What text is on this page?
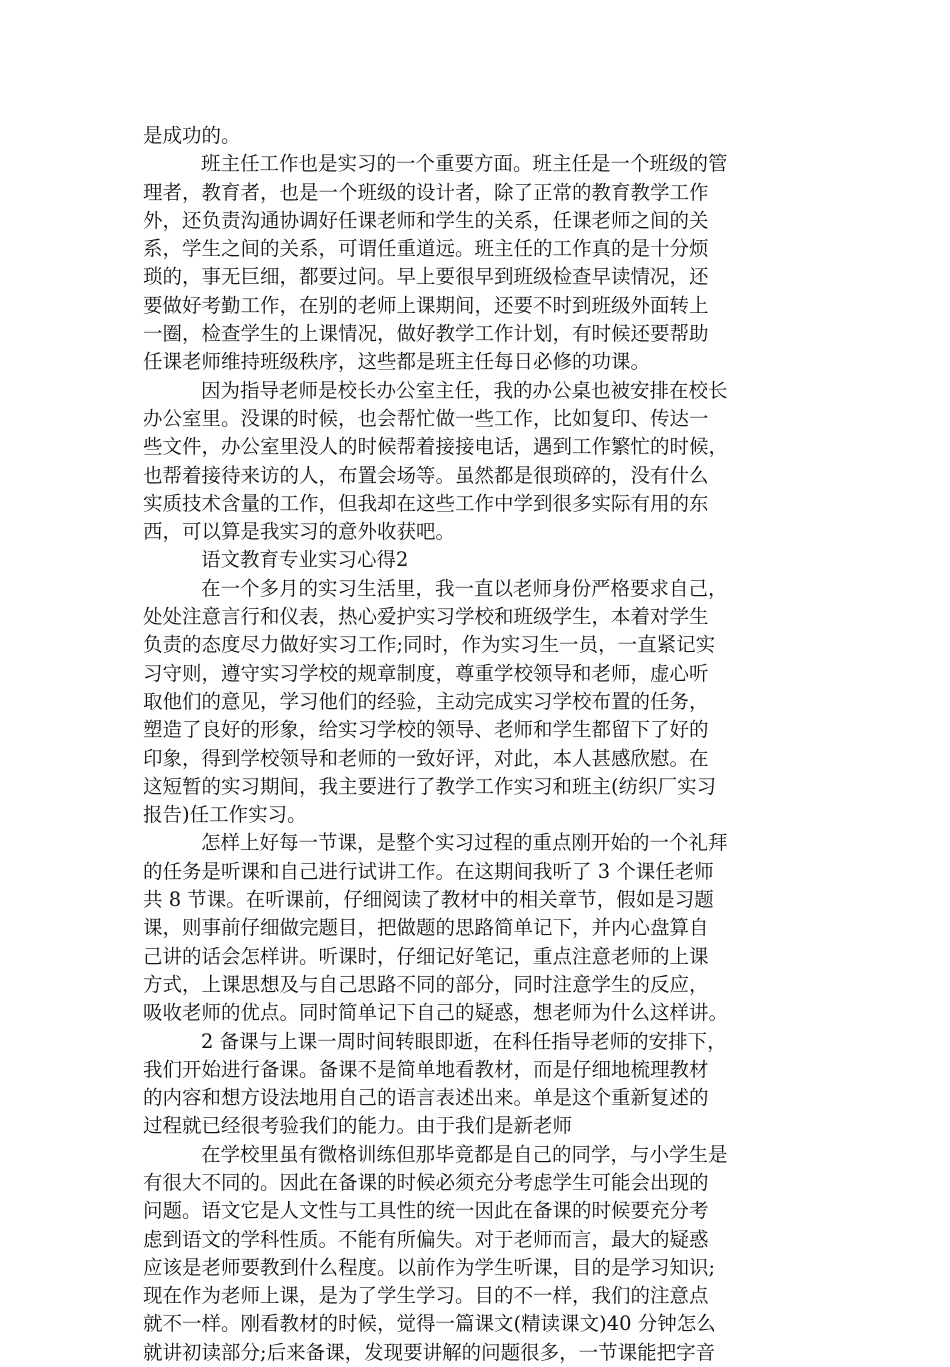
是成功的。
班主任工作也是实习的一个重要方面。班主任是一个班级的管
理者，教育者，也是一个班级的设计者，除了正常的教育教学工作
外，还负责沟通协调好任课老师和学生的关系，任课老师之间的关
系，学生之间的关系，可谓任重道远。班主任的工作真的是十分烦
琐的，事无巨细，都要过问。早上要很早到班级检查早读情况，还
要做好考勤工作，在别的老师上课期间，还要不时到班级外面转上
一圈，检查学生的上课情况，做好教学工作计划，有时候还要帮助
任课老师维持班级秩序，这些都是班主任每日必修的功课。
因为指导老师是校长办公室主任，我的办公桌也被安排在校长
办公室里。没课的时候，也会帮忙做一些工作，比如复印、传达一
些文件，办公室里没人的时候帮着接接电话，遇到工作繁忙的时候，
也帮着接待来访的人，布置会场等。虽然都是很琐碎的，没有什么
实质技术含量的工作，但我却在这些工作中学到很多实际有用的东
西，可以算是我实习的意外收获吧。
语文教育专业实习心得2
在一个多月的实习生活里，我一直以老师身份严格要求自己，
处处注意言行和仪表，热心爱护实习学校和班级学生，本着对学生
负责的态度尽力做好实习工作;同时，作为实习生一员，一直紧记实
习守则，遵守实习学校的规章制度，尊重学校领导和老师，虚心听
取他们的意见，学习他们的经验，主动完成实习学校布置的任务，
塑造了良好的形象，给实习学校的领导、老师和学生都留下了好的
印象，得到学校领导和老师的一致好评，对此，本人甚感欣慰。在
这短暂的实习期间，我主要进行了教学工作实习和班主(纺织厂实习
报告)任工作实习。
怎样上好每一节课，是整个实习过程的重点刚开始的一个礼拜
的任务是听课和自己进行试讲工作。在这期间我听了 3 个课任老师
共 8 节课。在听课前，仔细阅读了教材中的相关章节，假如是习题
课，则事前仔细做完题目，把做题的思路简单记下，并内心盘算自
己讲的话会怎样讲。听课时，仔细记好笔记，重点注意老师的上课
方式，上课思想及与自己思路不同的部分，同时注意学生的反应，
吸收老师的优点。同时简单记下自己的疑惑，想老师为什么这样讲。
2 备课与上课一周时间转眼即逝，在科任指导老师的安排下，
我们开始进行备课。备课不是简单地看教材，而是仔细地梳理教材
的内容和想方设法地用自己的语言表述出来。单是这个重新复述的
过程就已经很考验我们的能力。由于我们是新老师
在学校里虽有微格训练但那毕竟都是自己的同学，与小学生是
有很大不同的。因此在备课的时候必须充分考虑学生可能会出现的
问题。语文它是人文性与工具性的统一因此在备课的时候要充分考
虑到语文的学科性质。不能有所偏失。对于老师而言，最大的疑惑
应该是老师要教到什么程度。以前作为学生听课，目的是学习知识;
现在作为老师上课，是为了学生学习。目的不一样，我们的注意点
就不一样。刚看教材的时候，觉得一篇课文(精读课文)40 分钟怎么
就讲初读部分;后来备课，发现要讲解的问题很多，一节课能把字音
